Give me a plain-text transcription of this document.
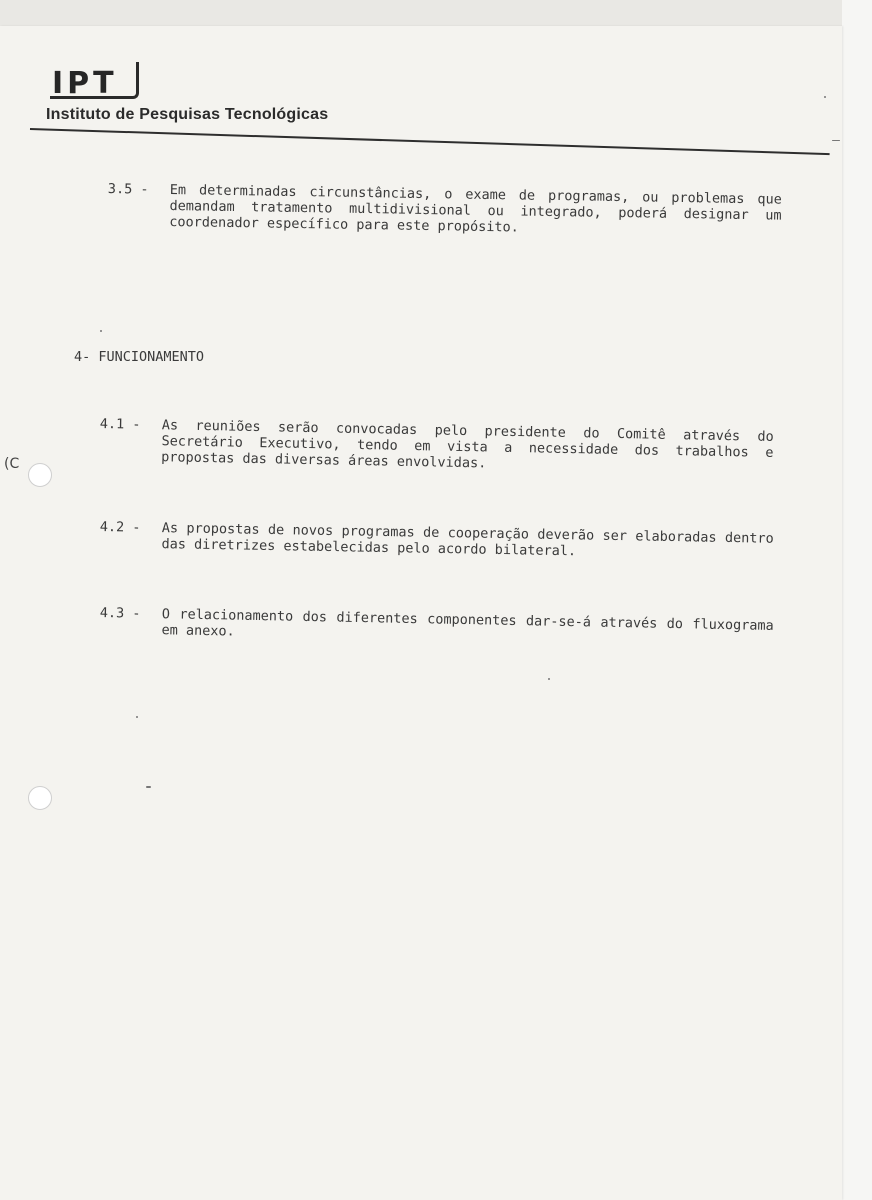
IPT
Instituto de Pesquisas Tecnológicas
3.5 - Em determinadas circunstâncias, o exame de programas, ou problemas que demandam tratamento multidivisional ou integrado, poderá designar um coordenador específico para este propósito.
4- FUNCIONAMENTO
4.1 - As reuniões serão convocadas pelo presidente do Comitê através do Secretário Executivo, tendo em vista a necessidade dos trabalhos e propostas das diversas áreas envolvidas.
4.2 - As propostas de novos programas de cooperação deverão ser elaboradas dentro das diretrizes estabelecidas pelo acordo bilateral.
4.3 - O relacionamento dos diferentes componentes dar-se-á através do fluxograma em anexo.
(C
